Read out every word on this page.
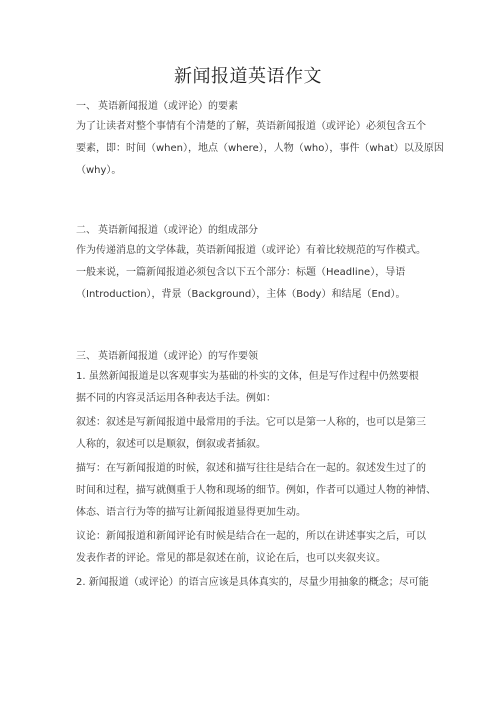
新闻报道英语作文
一、 英语新闻报道（或评论）的要素
为了让读者对整个事情有个清楚的了解，英语新闻报道（或评论）必须包含五个
要素，即：时间（when），地点（where），人物（who），事件（what）以及原因
（why）。
二、 英语新闻报道（或评论）的组成部分
作为传递消息的文学体裁，英语新闻报道（或评论）有着比较规范的写作模式。
一般来说，一篇新闻报道必须包含以下五个部分：标题（Headline），导语
（Introduction），背景（Background），主体（Body）和结尾（End）。
三、 英语新闻报道（或评论）的写作要领
1. 虽然新闻报道是以客观事实为基础的朴实的文体，但是写作过程中仍然要根
据不同的内容灵活运用各种表达手法。例如：
叙述：叙述是写新闻报道中最常用的手法。它可以是第一人称的，也可以是第三
人称的，叙述可以是顺叙，倒叙或者插叙。
描写：在写新闻报道的时候，叙述和描写往往是结合在一起的。叙述发生过了的
时间和过程，描写就侧重于人物和现场的细节。例如，作者可以通过人物的神情、
体态、语言行为等的描写让新闻报道显得更加生动。
议论：新闻报道和新闻评论有时候是结合在一起的，所以在讲述事实之后，可以
发表作者的评论。常见的都是叙述在前，议论在后，也可以夹叙夹议。
2. 新闻报道（或评论）的语言应该是具体真实的，尽量少用抽象的概念；尽可能
